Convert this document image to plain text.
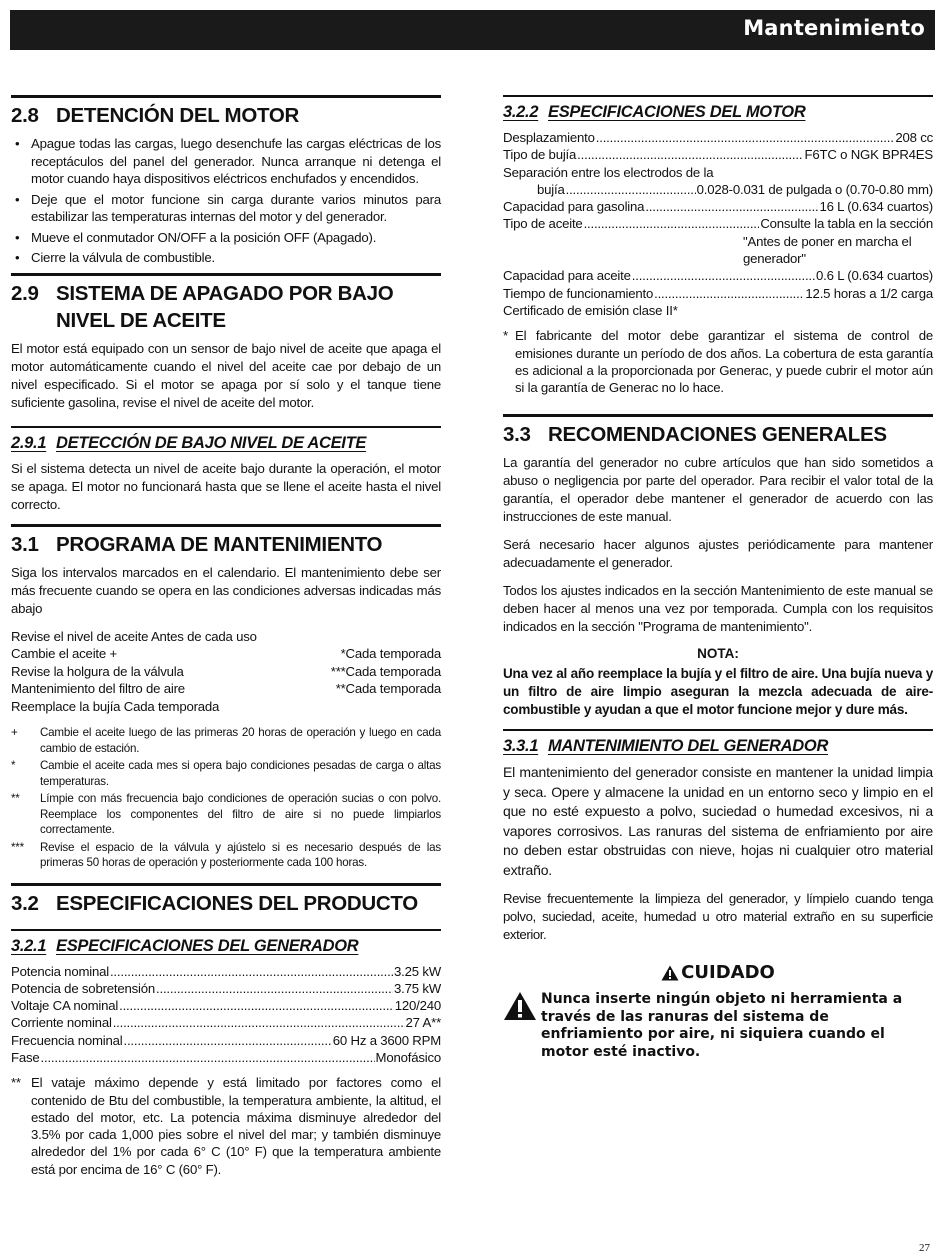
Mantenimiento
2.8 DETENCIÓN DEL MOTOR
• Apague todas las cargas, luego desenchufe las cargas eléctricas de los receptáculos del panel del generador. Nunca arranque ni detenga el motor cuando haya dispositivos eléctricos enchufados y encendidos.
• Deje que el motor funcione sin carga durante varios minutos para estabilizar las temperaturas internas del motor y del generador.
• Mueve el conmutador ON/OFF a la posición OFF (Apagado).
• Cierre la válvula de combustible.
2.9 SISTEMA DE APAGADO POR BAJO NIVEL DE ACEITE

El motor está equipado con un sensor de bajo nivel de aceite que apaga el motor automáticamente cuando el nivel del aceite cae por debajo de un nivel especificado. Si el motor se apaga por sí solo y el tanque tiene suficiente gasolina, revise el nivel de aceite del motor.

2.9.1 DETECCIÓN DE BAJO NIVEL DE ACEITE

Si el sistema detecta un nivel de aceite bajo durante la operación, el motor se apaga. El motor no funcionará hasta que se llene el aceite hasta el nivel correcto.

3.1 PROGRAMA DE MANTENIMIENTO

Siga los intervalos marcados en el calendario. El mantenimiento debe ser más frecuente cuando se opera en las condiciones adversas indicadas más abajo

Revise el nivel de aceite Antes de cada uso
Cambie el aceite +	*Cada temporada
Revise la holgura de la válvula	***Cada temporada
Mantenimiento del filtro de aire	**Cada temporada
Reemplace la bujía Cada temporada
+	Cambie el aceite luego de las primeras 20 horas de operación y luego en cada cambio de estación.
*	Cambie el aceite cada mes si opera bajo condiciones pesadas de carga o altas temperaturas.
**	Límpie con más frecuencia bajo condiciones de operación sucias o con polvo. Reemplace los componentes del filtro de aire si no puede limpiarlos correctamente.
***	Revise el espacio de la válvula y ajústelo si es necesario después de las primeras 50 horas de operación y posteriormente cada 100 horas.
3.2 ESPECIFICACIONES DEL PRODUCTO
3.2.1 ESPECIFICACIONES DEL GENERADOR
Potencia nominal .....	3.25 kW
Potencia de sobretensión .....	3.75 kW
Voltaje CA nominal .....	120/240
Corriente nominal .....	27 A**
Frecuencia nominal .....	60 Hz a 3600 RPM
Fase .....	Monofásico
** El vataje máximo depende y está limitado por factores como el contenido de Btu del combustible, la temperatura ambiente, la altitud, el estado del motor, etc. La potencia máxima disminuye alrededor del 3.5% por cada 1,000 pies sobre el nivel del mar; y también disminuye alrededor del 1% por cada 6° C (10° F) que la temperatura ambiente está por encima de 16° C (60° F).
3.2.2 ESPECIFICACIONES DEL MOTOR
Desplazamiento .....	208 cc
Tipo de bujía .....	F6TC o NGK BPR4ES
Separación entre los electrodos de la
bujía .....	0.028-0.031 de pulgada o (0.70-0.80 mm)
Capacidad para gasolina .....	16 L (0.634 cuartos)
Tipo de aceite .....	Consulte la tabla en la sección
"Antes de poner en marcha el
generador"
Capacidad para aceite .....	0.6 L (0.634 cuartos)
Tiempo de funcionamiento .....	12.5 horas a 1/2 carga
Certificado de emisión clase II*
* El fabricante del motor debe garantizar el sistema de control de emisiones durante un período de dos años. La cobertura de esta garantía es adicional a la proporcionada por Generac, y puede cubrir el motor aún si la garantía de Generac no lo hace.
3.3 RECOMENDACIONES GENERALES

La garantía del generador no cubre artículos que han sido sometidos a abuso o negligencia por parte del operador. Para recibir el valor total de la garantía, el operador debe mantener el generador de acuerdo con las instrucciones de este manual.

Será necesario hacer algunos ajustes periódicamente para mantener adecuadamente el generador.

Todos los ajustes indicados en la sección Mantenimiento de este manual se deben hacer al menos una vez por temporada. Cumpla con los requisitos indicados en la sección "Programa de mantenimiento".

NOTA:

Una vez al año reemplace la bujía y el filtro de aire. Una bujía nueva y un filtro de aire limpio aseguran la mezcla adecuada de aire-combustible y ayudan a que el motor funcione mejor y dure más.

3.3.1 MANTENIMIENTO DEL GENERADOR

El mantenimiento del generador consiste en mantener la unidad limpia y seca. Opere y almacene la unidad en un entorno seco y limpio en el que no esté expuesto a polvo, suciedad o humedad excesivos, ni a vapores corrosivos. Las ranuras del sistema de enfriamiento por aire no deben estar obstruidas con nieve, hojas ni cualquier otro material extraño.

Revise frecuentemente la limpieza del generador, y límpielo cuando tenga polvo, suciedad, aceite, humedad u otro material extraño en su superficie exterior.

CUIDADO
Nunca inserte ningún objeto ni herramienta a través de las ranuras del sistema de enfriamiento por aire, ni siquiera cuando el motor esté inactivo.
27
